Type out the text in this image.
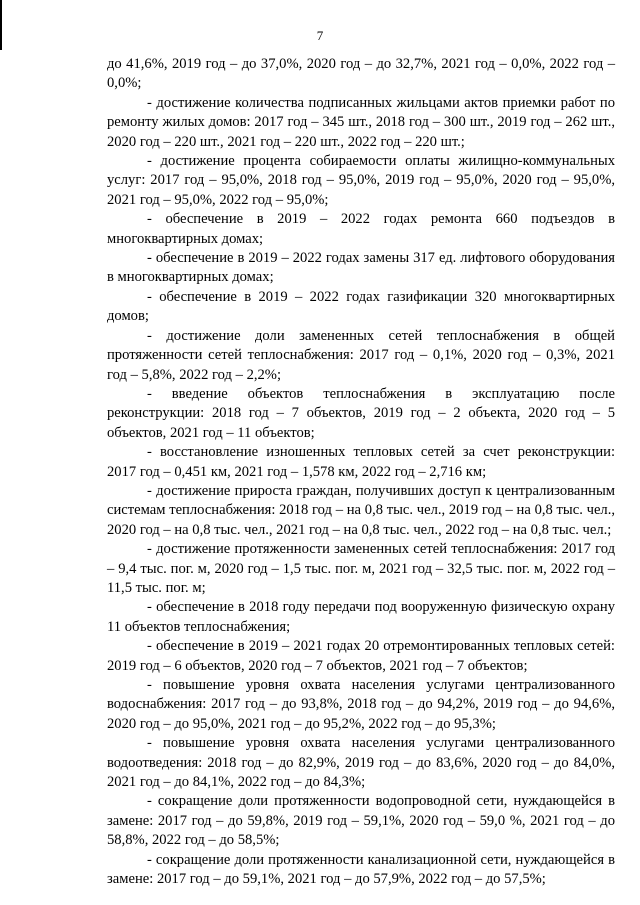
7

до 41,6%, 2019 год – до 37,0%, 2020 год – до 32,7%, 2021 год – 0,0%, 2022 год – 0,0%;

- достижение количества подписанных жильцами актов приемки работ по ремонту жилых домов: 2017 год – 345 шт., 2018 год – 300 шт., 2019 год – 262 шт., 2020 год – 220 шт., 2021 год – 220 шт., 2022 год – 220 шт.;

- достижение процента собираемости оплаты жилищно-коммунальных услуг: 2017 год – 95,0%, 2018 год – 95,0%, 2019 год – 95,0%, 2020 год – 95,0%, 2021 год – 95,0%, 2022 год – 95,0%;

- обеспечение в 2019 – 2022 годах ремонта 660 подъездов в многоквартирных домах;

- обеспечение в 2019 – 2022 годах замены 317 ед. лифтового оборудования в многоквартирных домах;

- обеспечение в 2019 – 2022 годах газификации 320 многоквартирных домов;

- достижение доли замененных сетей теплоснабжения в общей протяженности сетей теплоснабжения: 2017 год – 0,1%, 2020 год – 0,3%, 2021 год – 5,8%, 2022 год – 2,2%;

- введение объектов теплоснабжения в эксплуатацию после реконструкции: 2018 год – 7 объектов, 2019 год – 2 объекта, 2020 год – 5 объектов, 2021 год – 11 объектов;

- восстановление изношенных тепловых сетей за счет реконструкции: 2017 год – 0,451 км, 2021 год – 1,578 км, 2022 год – 2,716 км;

- достижение прироста граждан, получивших доступ к централизованным системам теплоснабжения: 2018 год – на 0,8 тыс. чел., 2019 год – на 0,8 тыс. чел., 2020 год – на 0,8 тыс. чел., 2021 год – на 0,8 тыс. чел., 2022 год – на 0,8 тыс. чел.;

- достижение протяженности замененных сетей теплоснабжения: 2017 год – 9,4 тыс. пог. м, 2020 год – 1,5 тыс. пог. м, 2021 год – 32,5 тыс. пог. м, 2022 год – 11,5 тыс. пог. м;

- обеспечение в 2018 году передачи под вооруженную физическую охрану 11 объектов теплоснабжения;

- обеспечение в 2019 – 2021 годах 20 отремонтированных тепловых сетей: 2019 год – 6 объектов, 2020 год – 7 объектов, 2021 год – 7 объектов;

- повышение уровня охвата населения услугами централизованного водоснабжения: 2017 год – до 93,8%, 2018 год – до 94,2%, 2019 год – до 94,6%, 2020 год – до 95,0%, 2021 год – до 95,2%, 2022 год – до 95,3%;

- повышение уровня охвата населения услугами централизованного водоотведения: 2018 год – до 82,9%, 2019 год – до 83,6%, 2020 год – до 84,0%, 2021 год – до 84,1%, 2022 год – до 84,3%;

- сокращение доли протяженности водопроводной сети, нуждающейся в замене: 2017 год – до 59,8%, 2019 год – 59,1%, 2020 год – 59,0 %, 2021 год – до 58,8%, 2022 год – до 58,5%;

- сокращение доли протяженности канализационной сети, нуждающейся в замене: 2017 год – до 59,1%, 2021 год – до 57,9%, 2022 год – до 57,5%;
